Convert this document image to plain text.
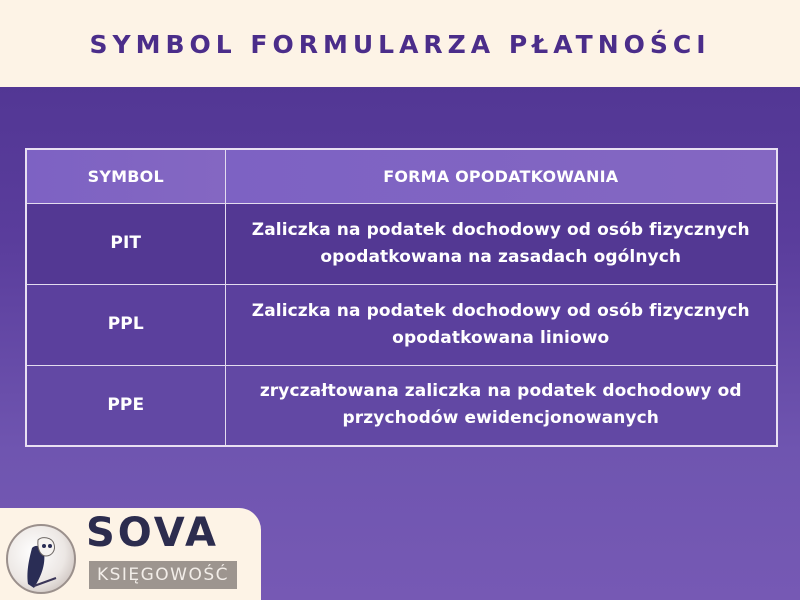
SYMBOL FORMULARZA PŁATNOŚCI
SYMBOL	FORMA OPODATKOWANIA
PIT	Zaliczka na podatek dochodowy od osób fizycznych
opodatkowana na zasadach ogólnych
PPL	Zaliczka na podatek dochodowy od osób fizycznych
opodatkowana liniowo
PPE	zryczałtowana zaliczka na podatek dochodowy od
przychodów ewidencjonowanych
SOVA
KSIĘGOWOŚĆ
